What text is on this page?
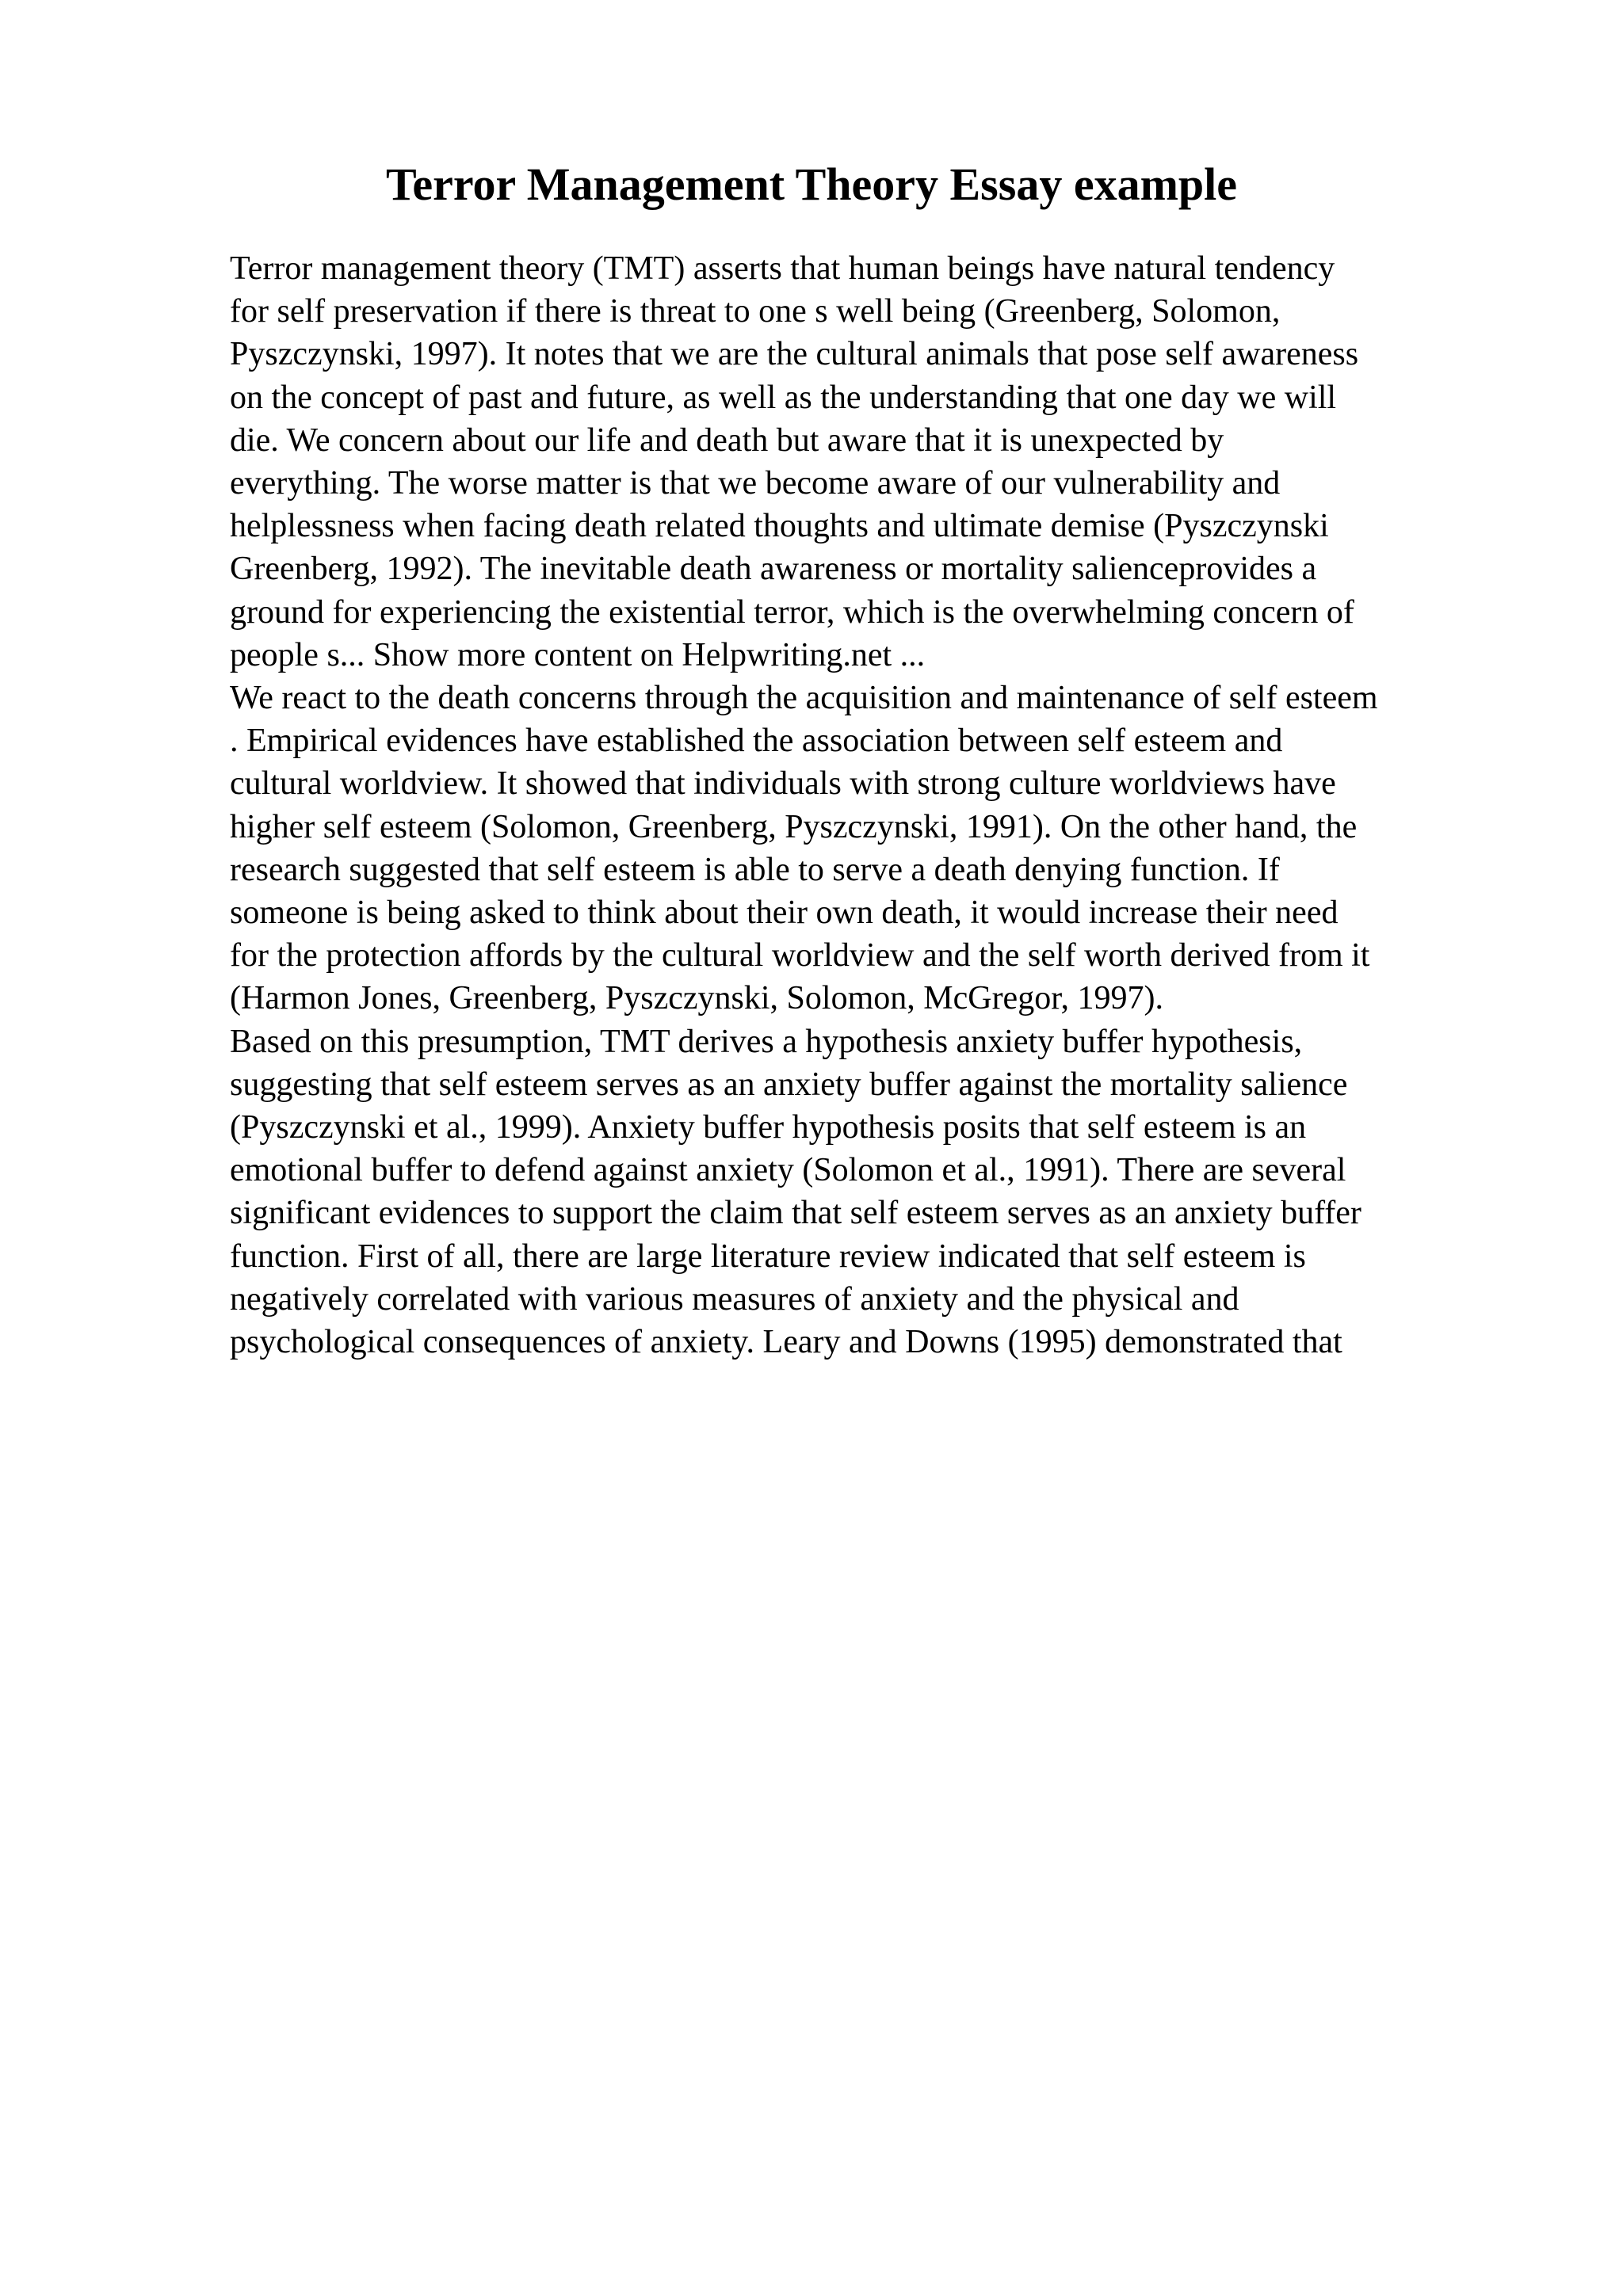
Terror Management Theory Essay example
Terror management theory (TMT) asserts that human beings have natural tendency
for self preservation if there is threat to one s well being (Greenberg, Solomon,
Pyszczynski, 1997). It notes that we are the cultural animals that pose self awareness
on the concept of past and future, as well as the understanding that one day we will
die. We concern about our life and death but aware that it is unexpected by
everything. The worse matter is that we become aware of our vulnerability and
helplessness when facing death related thoughts and ultimate demise (Pyszczynski
Greenberg, 1992). The inevitable death awareness or mortality salienceprovides a
ground for experiencing the existential terror, which is the overwhelming concern of
people s... Show more content on Helpwriting.net ...
We react to the death concerns through the acquisition and maintenance of self esteem
. Empirical evidences have established the association between self esteem and
cultural worldview. It showed that individuals with strong culture worldviews have
higher self esteem (Solomon, Greenberg, Pyszczynski, 1991). On the other hand, the
research suggested that self esteem is able to serve a death denying function. If
someone is being asked to think about their own death, it would increase their need
for the protection affords by the cultural worldview and the self worth derived from it
(Harmon Jones, Greenberg, Pyszczynski, Solomon, McGregor, 1997).
Based on this presumption, TMT derives a hypothesis anxiety buffer hypothesis,
suggesting that self esteem serves as an anxiety buffer against the mortality salience
(Pyszczynski et al., 1999). Anxiety buffer hypothesis posits that self esteem is an
emotional buffer to defend against anxiety (Solomon et al., 1991). There are several
significant evidences to support the claim that self esteem serves as an anxiety buffer
function. First of all, there are large literature review indicated that self esteem is
negatively correlated with various measures of anxiety and the physical and
psychological consequences of anxiety. Leary and Downs (1995) demonstrated that
